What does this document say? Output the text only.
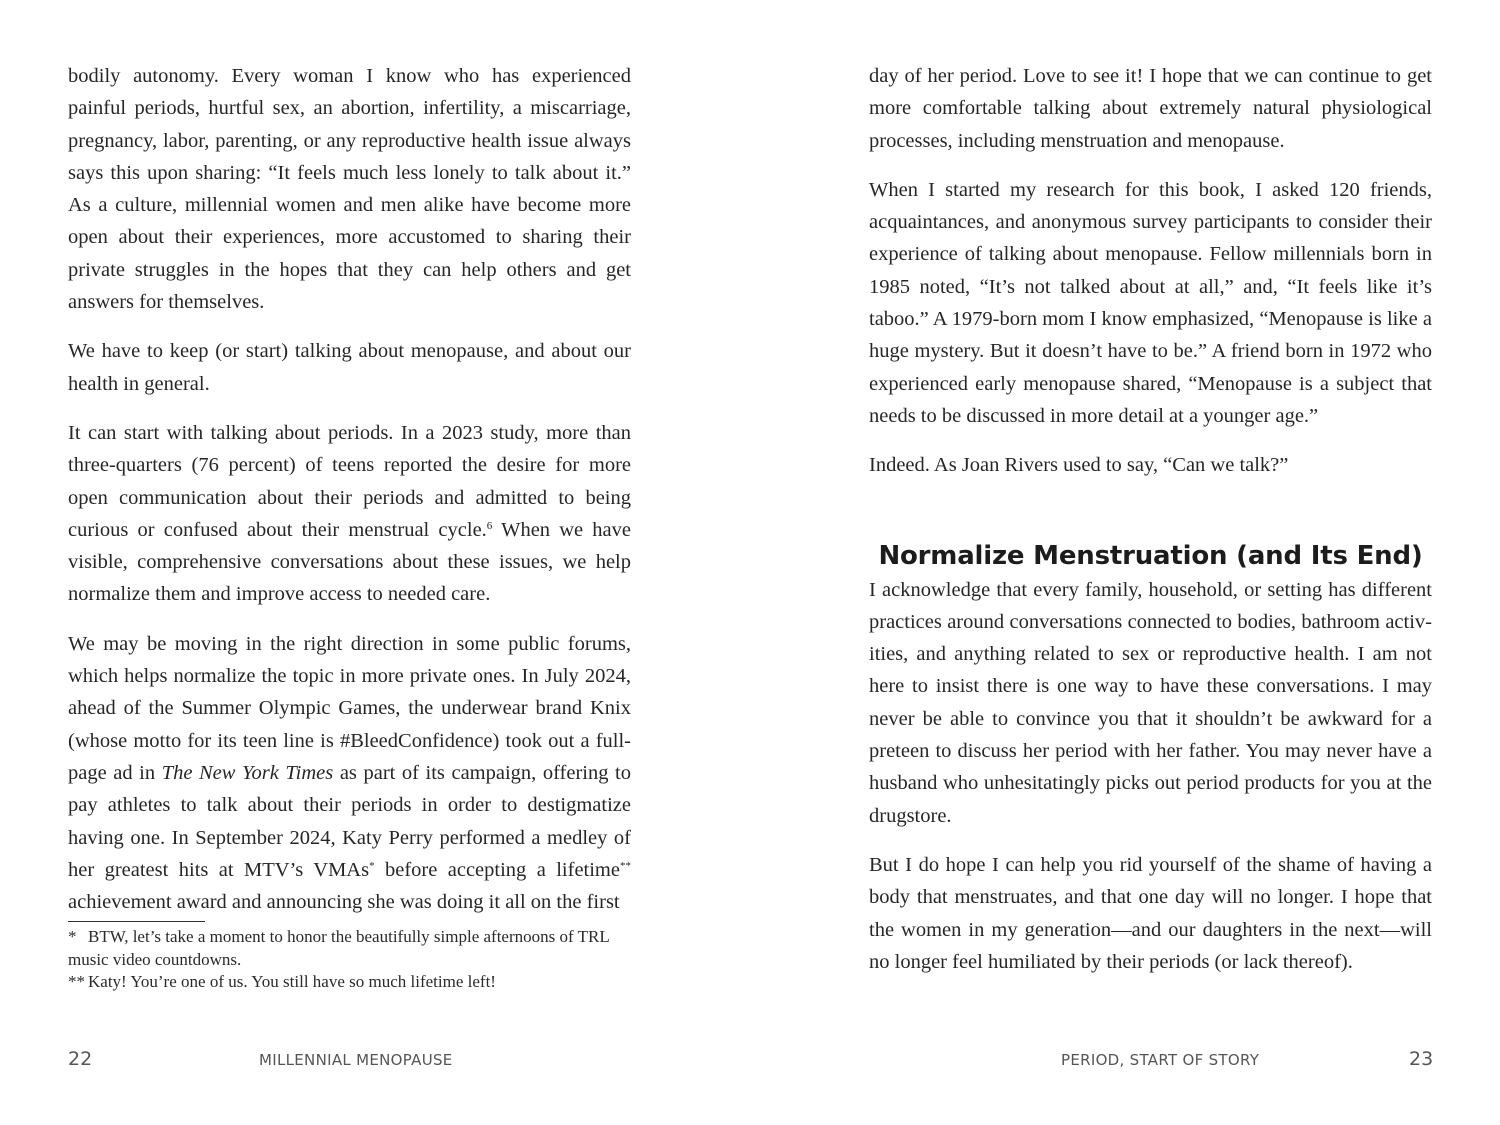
bodily autonomy. Every woman I know who has experienced painful periods, hurtful sex, an abortion, infertility, a miscarriage, pregnancy, labor, parenting, or any reproductive health issue always says this upon sharing: “It feels much less lonely to talk about it.” As a culture, millennial women and men alike have become more open about their experiences, more accustomed to sharing their private struggles in the hopes that they can help others and get answers for themselves.

We have to keep (or start) talking about menopause, and about our health in general.

It can start with talking about periods. In a 2023 study, more than three-quarters (76 percent) of teens reported the desire for more open communication about their periods and admitted to being curious or confused about their menstrual cycle.$^6$ When we have visible, comprehensive conversations about these issues, we help normalize them and improve access to needed care.

We may be moving in the right direction in some public forums, which helps normalize the topic in more private ones. In July 2024, ahead of the Summer Olympic Games, the underwear brand Knix (whose motto for its teen line is #BleedConfidence) took out a full-page ad in The New York Times as part of its campaign, offering to pay athletes to talk about their periods in order to destigmatize having one. In September 2024, Katy Perry performed a medley of her greatest hits at MTV’s VMAs* before accepting a lifetime** achievement award and announcing she was doing it all on the first

* BTW, let’s take a moment to honor the beautifully simple afternoons of TRL music video countdowns.

** Katy! You’re one of us. You still have so much lifetime left!

22	MILLENNIAL MENOPAUSE

day of her period. Love to see it! I hope that we can continue to get more comfortable talking about extremely natural physiological processes, including menstruation and menopause.

When I started my research for this book, I asked 120 friends, acquaintances, and anonymous survey participants to consider their experience of talking about menopause. Fellow millennials born in 1985 noted, “It’s not talked about at all,” and, “It feels like it’s taboo.” A 1979-born mom I know emphasized, “Menopause is like a huge mystery. But it doesn’t have to be.” A friend born in 1972 who experienced early menopause shared, “Menopause is a subject that needs to be discussed in more detail at a younger age.”

Indeed. As Joan Rivers used to say, “Can we talk?”

Normalize Menstruation (and Its End)

I acknowledge that every family, household, or setting has different practices around conversations connected to bodies, bathroom activ-ities, and anything related to sex or reproductive health. I am not here to insist there is one way to have these conversations. I may never be able to convince you that it shouldn’t be awkward for a preteen to discuss her period with her father. You may never have a husband who unhesitatingly picks out period products for you at the drugstore.

But I do hope I can help you rid yourself of the shame of having a body that menstruates, and that one day will no longer. I hope that the women in my generation—and our daughters in the next—will no longer feel humiliated by their periods (or lack thereof).

PERIOD, START OF STORY	23
